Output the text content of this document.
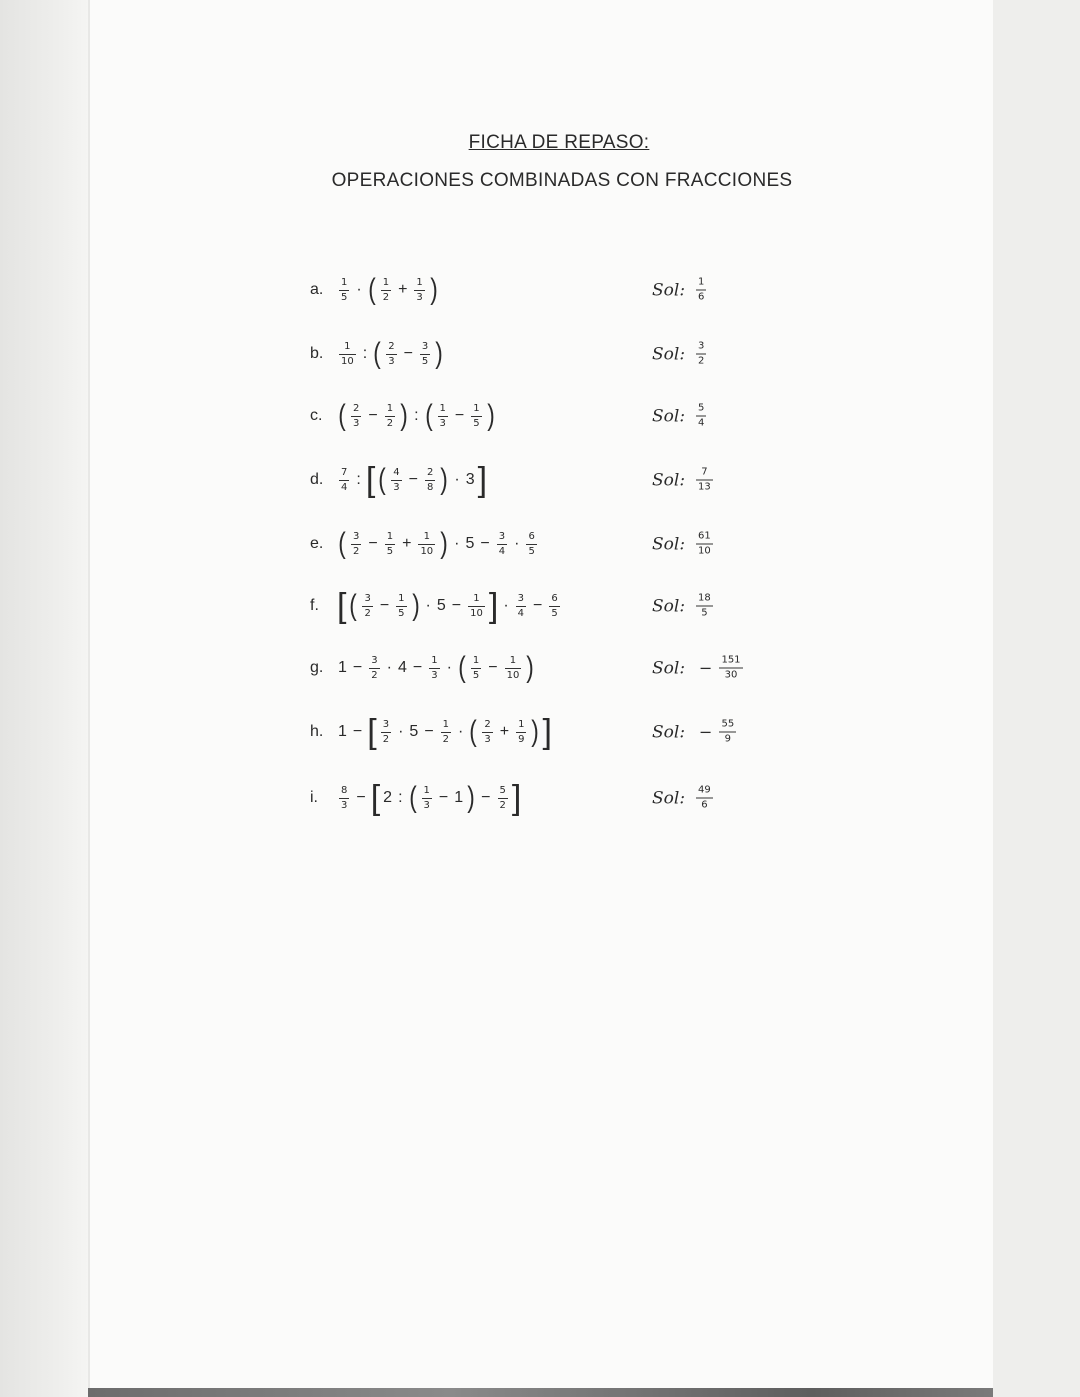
FICHA DE REPASO:
OPERACIONES COMBINADAS CON FRACCIONES
a. $\frac{1}{5}$ · ( $\frac{1}{2} + \frac{1}{3}$ )	Sol: $\frac{1}{6}$
b. $\frac{1}{10}$ : ( $\frac{2}{3} - \frac{3}{5}$ )	Sol: $\frac{3}{2}$
c. ( $\frac{2}{3} - \frac{1}{2}$ ) : ( $\frac{1}{3} - \frac{1}{5}$ )	Sol: $\frac{5}{4}$
d. $\frac{7}{4}$ : [ ( $\frac{4}{3} - \frac{2}{8}$ ) · 3 ]	Sol: $\frac{7}{13}$
e. ( $\frac{3}{2} - \frac{1}{5} + \frac{1}{10}$ ) · $5 - \frac{3}{4} \cdot \frac{6}{5}$	Sol: $\frac{61}{10}$
f. [ ( $\frac{3}{2} - \frac{1}{5}$ ) · $5 - \frac{1}{10}$ ] · $\frac{3}{4} - \frac{6}{5}$	Sol: $\frac{18}{5}$
g. $1 - \frac{3}{2} \cdot 4 - \frac{1}{3}$ · ( $\frac{1}{5} - \frac{1}{10}$ )	Sol: − $\frac{151}{30}$
h. 1 − [ $\frac{3}{2} \cdot 5 - \frac{1}{2}$ · ( $\frac{2}{3} + \frac{1}{9}$ ) ]	Sol: − $\frac{55}{9}$
i. $\frac{8}{3}$ − [ 2 : ( $\frac{1}{3} - 1$ ) − $\frac{5}{2}$ ]	Sol: $\frac{49}{6}$
